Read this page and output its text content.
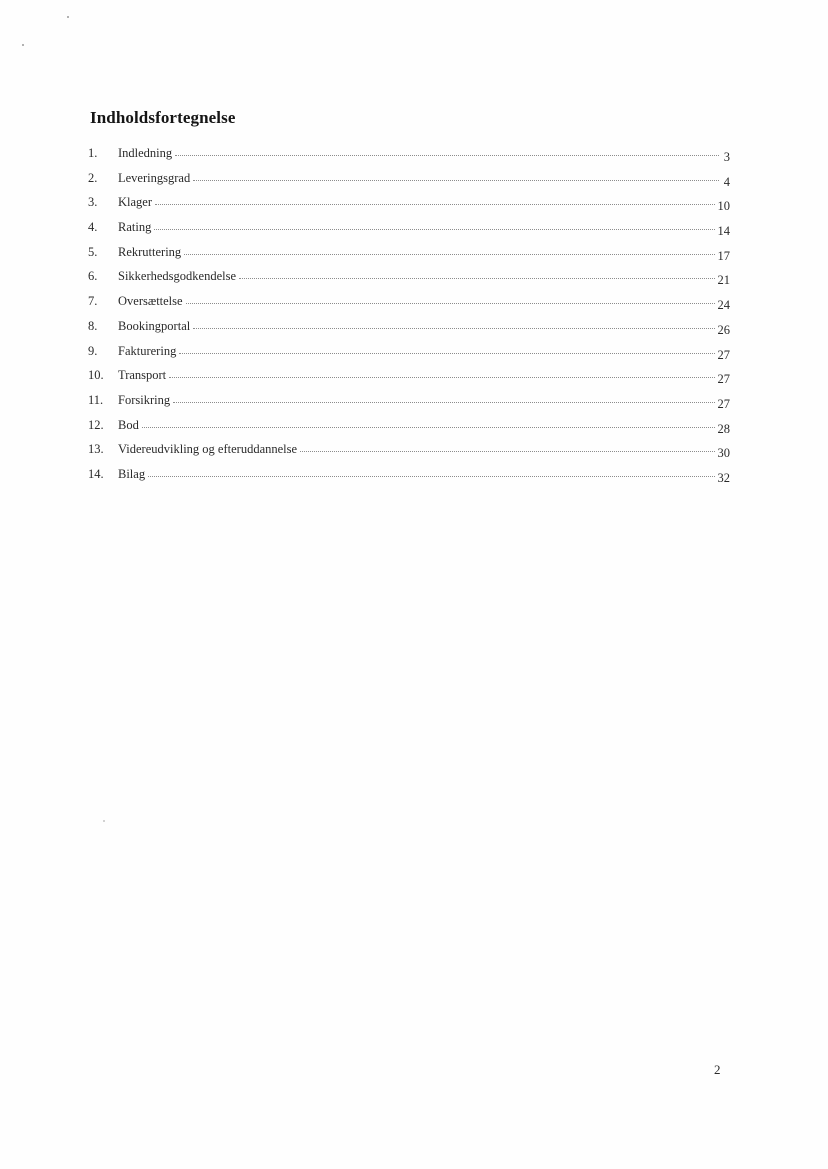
Indholdsfortegnelse
1.	Indledning	3
2.	Leveringsgrad	4
3.	Klager	10
4.	Rating	14
5.	Rekruttering	17
6.	Sikkerhedsgodkendelse	21
7.	Oversættelse	24
8.	Bookingportal	26
9.	Fakturering	27
10.	Transport	27
11.	Forsikring	27
12.	Bod	28
13.	Videreudvikling og efteruddannelse	30
14.	Bilag	32
2
